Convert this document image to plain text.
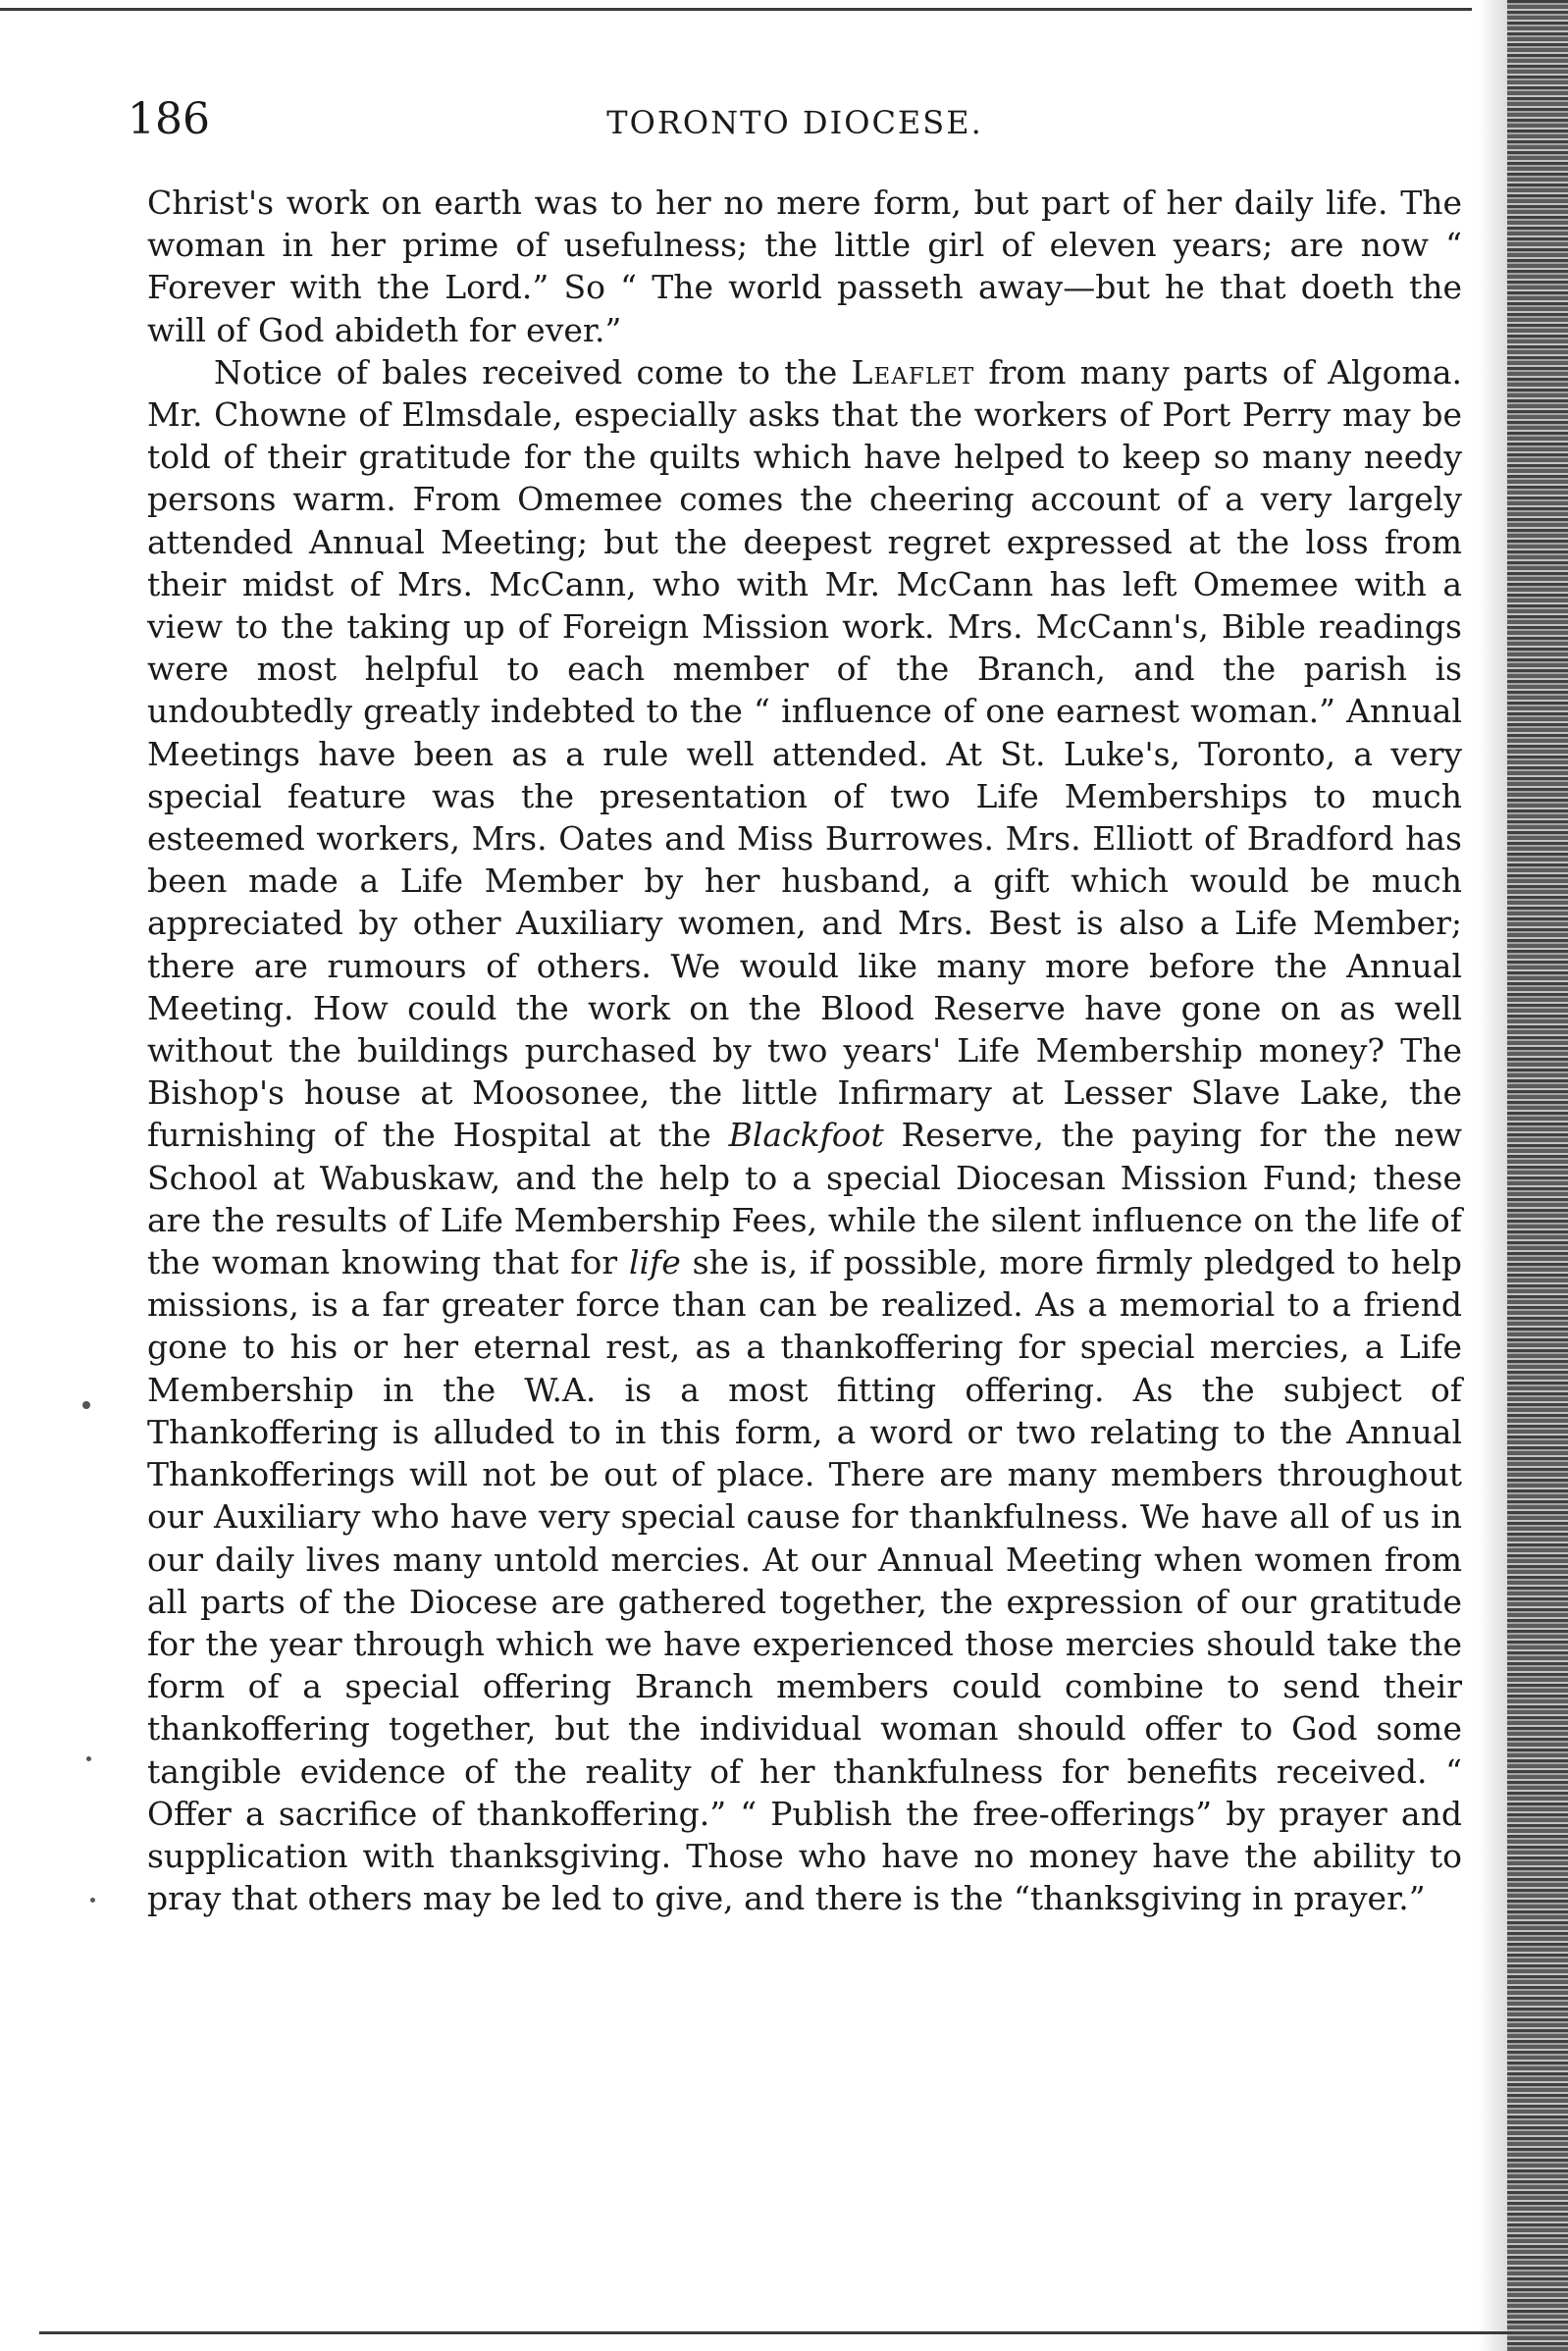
186	TORONTO DIOCESE.

Christ's work on earth was to her no mere form, but part of her daily life. The woman in her prime of usefulness; the little girl of eleven years; are now “ Forever with the Lord.” So “ The world passeth away—but he that doeth the will of God abideth for ever.”

Notice of bales received come to the Leaflet from many parts of Algoma. Mr. Chowne of Elmsdale, especially asks that the workers of Port Perry may be told of their gratitude for the quilts which have helped to keep so many needy persons warm. From Omemee comes the cheering account of a very largely attended Annual Meeting; but the deepest regret expressed at the loss from their midst of Mrs. McCann, who with Mr. McCann has left Omemee with a view to the taking up of Foreign Mission work. Mrs. McCann's, Bible readings were most helpful to each member of the Branch, and the parish is undoubtedly greatly indebted to the “ influence of one earnest woman.” Annual Meetings have been as a rule well attended. At St. Luke's, Toronto, a very special feature was the presentation of two Life Memberships to much esteemed workers, Mrs. Oates and Miss Burrowes. Mrs. Elliott of Bradford has been made a Life Member by her husband, a gift which would be much appreciated by other Auxiliary women, and Mrs. Best is also a Life Member; there are rumours of others. We would like many more before the Annual Meeting. How could the work on the Blood Reserve have gone on as well without the buildings purchased by two years' Life Membership money? The Bishop's house at Moosonee, the little Infirmary at Lesser Slave Lake, the furnishing of the Hospital at the Blackfoot Reserve, the paying for the new School at Wabuskaw, and the help to a special Diocesan Mission Fund; these are the results of Life Membership Fees, while the silent influence on the life of the woman knowing that for life she is, if possible, more firmly pledged to help missions, is a far greater force than can be realized. As a memorial to a friend gone to his or her eternal rest, as a thankoffering for special mercies, a Life Membership in the W.A. is a most fitting offering. As the subject of Thankoffering is alluded to in this form, a word or two relating to the Annual Thankofferings will not be out of place. There are many members throughout our Auxiliary who have very special cause for thankfulness. We have all of us in our daily lives many untold mercies. At our Annual Meeting when women from all parts of the Diocese are gathered together, the expression of our gratitude for the year through which we have experienced those mercies should take the form of a special offering Branch members could combine to send their thankoffering together, but the individual woman should offer to God some tangible evidence of the reality of her thankfulness for benefits received. “ Offer a sacrifice of thankoffering.” “ Publish the free-offerings” by prayer and supplication with thanksgiving. Those who have no money have the ability to pray that others may be led to give, and there is the “thanksgiving in prayer.”
